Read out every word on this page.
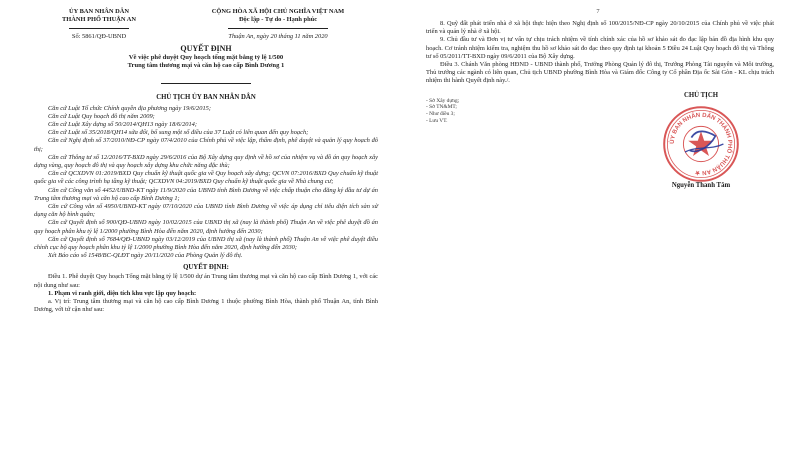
ỦY BAN NHÂN DÂN
THÀNH PHỐ THUẬN AN
Số: 5861/QĐ-UBND
CỘNG HÒA XÃ HỘI CHỦ NGHĨA VIỆT NAM
Độc lập - Tự do - Hạnh phúc
Thuận An, ngày 20 tháng 11 năm 2020
QUYẾT ĐỊNH
Về việc phê duyệt Quy hoạch tổng mặt bằng tỷ lệ 1/500
Trung tâm thương mại và căn hộ cao cấp Bình Dương 1
CHỦ TỊCH ỦY BAN NHÂN DÂN

Căn cứ Luật Tổ chức Chính quyền địa phương ngày 19/6/2015;

Căn cứ Luật Quy hoạch đô thị năm 2009;

Căn cứ Luật Xây dựng số 50/2014/QH13 ngày 18/6/2014;

Căn cứ Luật số 35/2018/QH14 sửa đổi, bổ sung một số điều của 37 Luật có liên quan đến quy hoạch;

Căn cứ Nghị định số 37/2010/NĐ-CP ngày 07/4/2010 của Chính phủ về việc lập, thẩm định, phê duyệt và quản lý quy hoạch đô thị;

Căn cứ Thông tư số 12/2016/TT-BXD ngày 29/6/2016 của Bộ Xây dựng quy định về hồ sơ của nhiệm vụ và đồ án quy hoạch xây dựng vùng, quy hoạch đô thị và quy hoạch xây dựng khu chức năng đặc thù;

Căn cứ QCXDVN 01:2019/BXD Quy chuẩn kỹ thuật quốc gia về Quy hoạch xây dựng; QCVN 07:2016/BXD Quy chuẩn kỹ thuật quốc gia về các công trình hạ tầng kỹ thuật; QCXDVN 04:2019/BXD Quy chuẩn kỹ thuật quốc gia về Nhà chung cư;

Căn cứ Công văn số 4452/UBND-KT ngày 11/9/2020 của UBND tỉnh Bình Dương về việc chấp thuận cho đăng ký đầu tư dự án Trung tâm thương mại và căn hộ cao cấp Bình Dương 1;

Căn cứ Công văn số 4950/UBND-KT ngày 07/10/2020 của UBND tỉnh Bình Dương về việc áp dụng chỉ tiêu diện tích sàn sử dụng căn hộ bình quân;

Căn cứ Quyết định số 900/QĐ-UBND ngày 10/02/2015 của UBND thị xã (nay là thành phố) Thuận An về việc phê duyệt đồ án quy hoạch phân khu tỷ lệ 1/2000 phường Bình Hòa đến năm 2020, định hướng đến 2030;

Căn cứ Quyết định số 7684/QĐ-UBND ngày 03/12/2019 của UBND thị xã (nay là thành phố) Thuận An về việc phê duyệt điều chỉnh cục bộ quy hoạch phân khu tỷ lệ 1/2000 phường Bình Hòa đến năm 2020, định hướng đến 2030;

Xét Báo cáo số 1548/BC-QLĐT ngày 20/11/2020 của Phòng Quản lý đô thị.

QUYẾT ĐỊNH:

Điều 1. Phê duyệt Quy hoạch Tổng mặt bằng tỷ lệ 1/500 dự án Trung tâm thương mại và căn hộ cao cấp Bình Dương 1, với các nội dung như sau:

1. Phạm vi ranh giới, diện tích khu vực lập quy hoạch:

a. Vị trí: Trung tâm thương mại và căn hộ cao cấp Bình Dương 1 thuộc phường Bình Hòa, thành phố Thuận An, tỉnh Bình Dương, với tứ cận như sau:

7

8. Quỹ đất phát triển nhà ở xã hội thực hiện theo Nghị định số 100/2015/NĐ-CP ngày 20/10/2015 của Chính phủ về việc phát triển và quản lý nhà ở xã hội.

9. Chủ đầu tư và Đơn vị tư vấn tự chịu trách nhiệm về tính chính xác của hồ sơ khảo sát đo đạc lập bản đồ địa hình khu quy hoạch. Cơ tránh nhiệm kiểm tra, nghiệm thu hồ sơ khảo sát đo đạc theo quy định tại khoản 5 Điều 24 Luật Quy hoạch đô thị và Thông tư số 05/2011/TT-BXD ngày 09/6/2011 của Bộ Xây dựng.

Điều 3. Chánh Văn phòng HĐND - UBND thành phố, Trưởng Phòng Quản lý đô thị, Trưởng Phòng Tài nguyên và Môi trường, Thủ trưởng các ngành có liên quan, Chủ tịch UBND phường Bình Hòa và Giám đốc Công ty Cổ phần Địa ốc Sài Gòn - KL chịu trách nhiệm thi hành Quyết định này./.

- Sở Xây dựng;
- Sở TN&MT;
- Như điều 3;
- Lưu VT.
CHỦ TỊCH
ỦY BAN NHÂN DÂN THÀNH PHỐ THUẬN AN ★
Nguyễn Thanh Tâm
